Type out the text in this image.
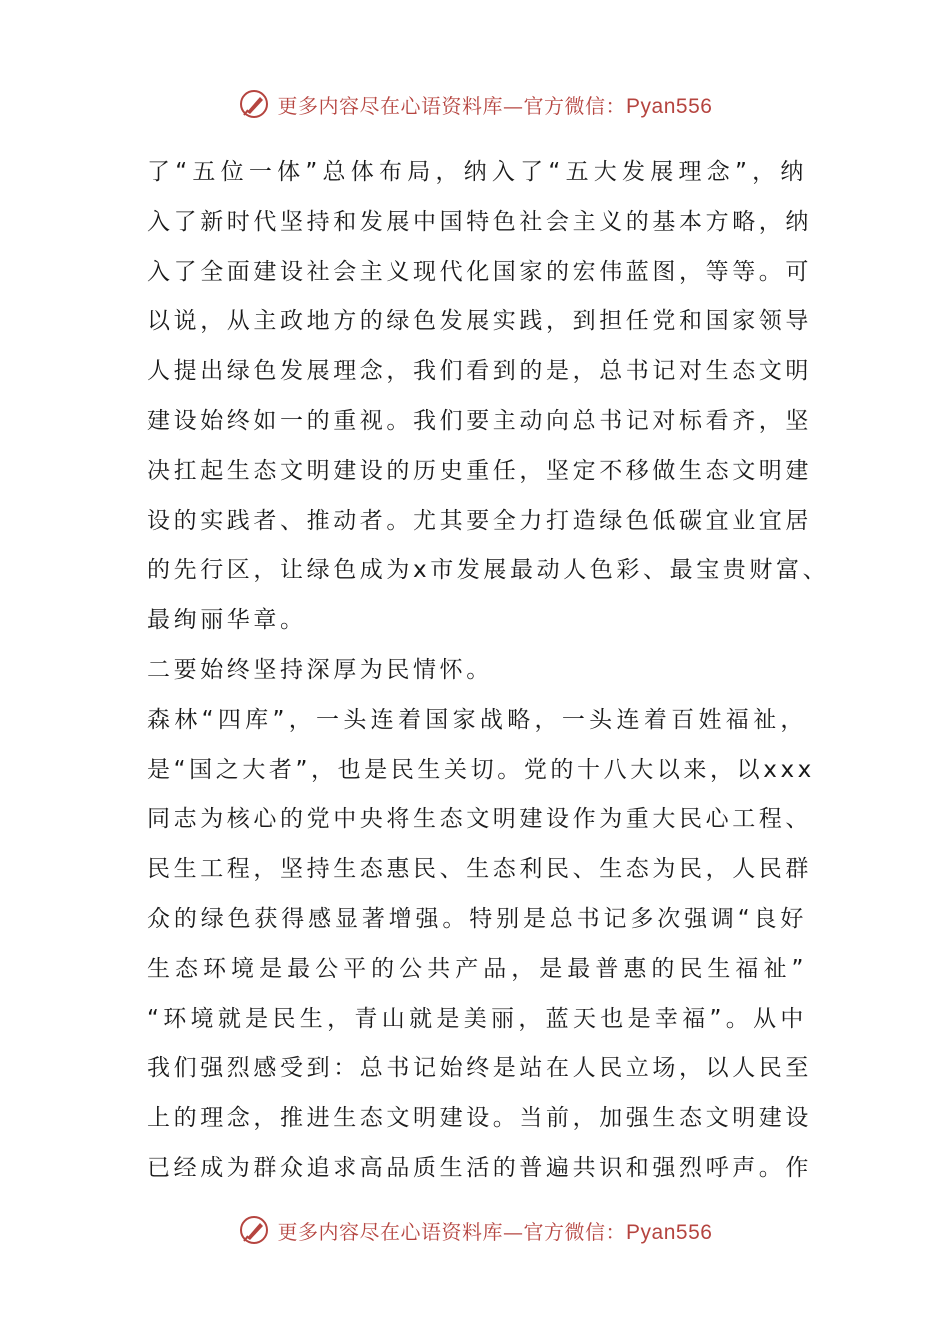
更多内容尽在心语资料库—官方微信：Pyan556
了“五位一体”总体布局，纳入了“五大发展理念”，纳
入了新时代坚持和发展中国特色社会主义的基本方略，纳
入了全面建设社会主义现代化国家的宏伟蓝图，等等。可
以说，从主政地方的绿色发展实践，到担任党和国家领导
人提出绿色发展理念，我们看到的是，总书记对生态文明
建设始终如一的重视。我们要主动向总书记对标看齐，坚
决扛起生态文明建设的历史重任，坚定不移做生态文明建
设的实践者、推动者。尤其要全力打造绿色低碳宜业宜居
的先行区，让绿色成为x市发展最动人色彩、最宝贵财富、
最绚丽华章。
二要始终坚持深厚为民情怀。
森林“四库”，一头连着国家战略，一头连着百姓福祉，
是“国之大者”，也是民生关切。党的十八大以来，以xxx
同志为核心的党中央将生态文明建设作为重大民心工程、
民生工程，坚持生态惠民、生态利民、生态为民，人民群
众的绿色获得感显著增强。特别是总书记多次强调“良好
生态环境是最公平的公共产品，是最普惠的民生福祉”
“环境就是民生，青山就是美丽，蓝天也是幸福”。从中
我们强烈感受到：总书记始终是站在人民立场，以人民至
上的理念，推进生态文明建设。当前，加强生态文明建设
已经成为群众追求高品质生活的普遍共识和强烈呼声。作
更多内容尽在心语资料库—官方微信：Pyan556
